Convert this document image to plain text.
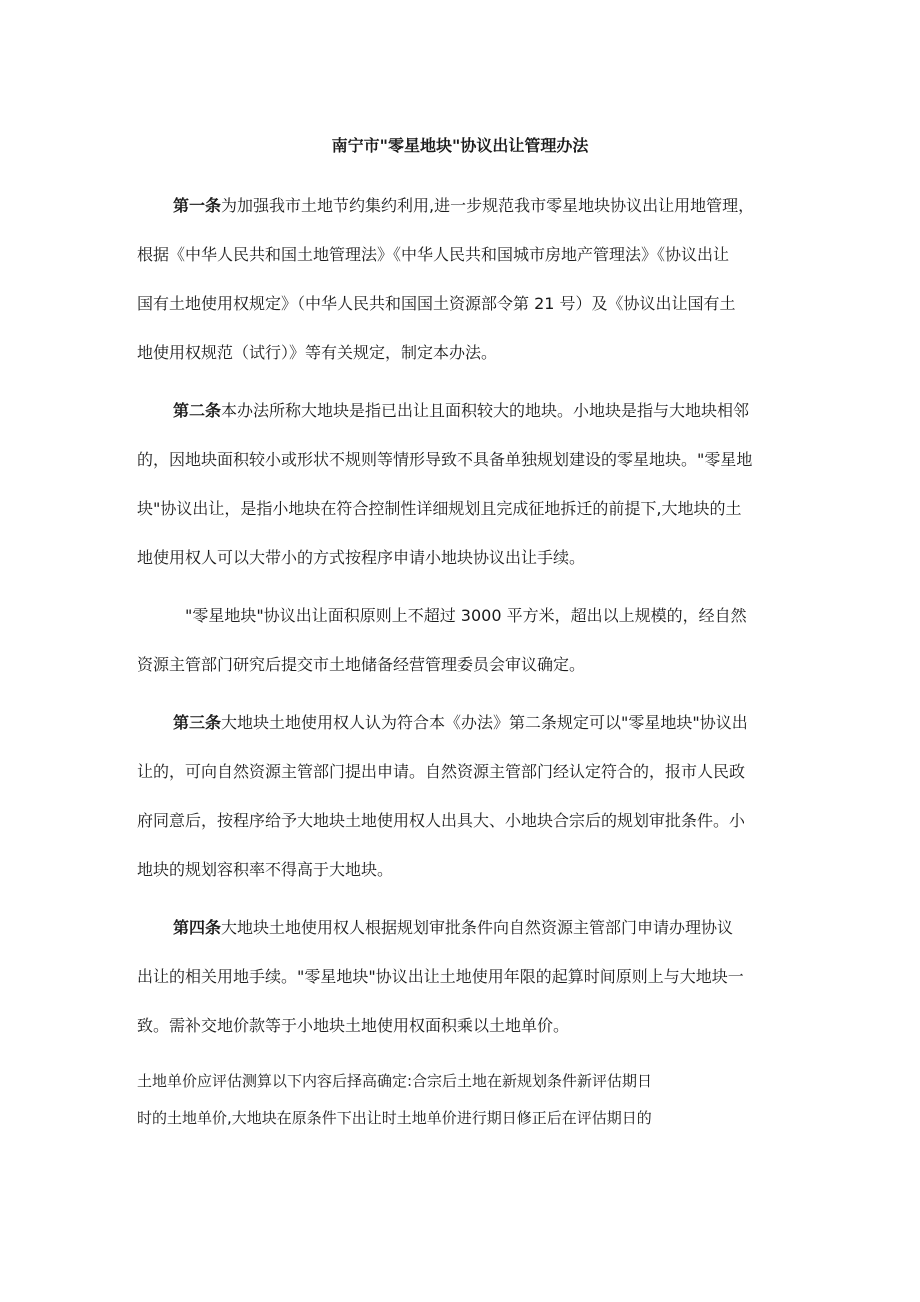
南宁市"零星地块"协议出让管理办法
第一条为加强我市土地节约集约利用,进一步规范我市零星地块协议出让用地管理，
根据《中华人民共和国土地管理法》《中华人民共和国城市房地产管理法》《协议出让
国有土地使用权规定》（中华人民共和国国土资源部令第 21 号）及《协议出让国有土
地使用权规范（试行）》等有关规定，制定本办法。
第二条本办法所称大地块是指已出让且面积较大的地块。小地块是指与大地块相邻
的，因地块面积较小或形状不规则等情形导致不具备单独规划建设的零星地块。"零星地
块"协议出让，是指小地块在符合控制性详细规划且完成征地拆迁的前提下,大地块的土
地使用权人可以大带小的方式按程序申请小地块协议出让手续。
"零星地块"协议出让面积原则上不超过 3000 平方米，超出以上规模的，经自然
资源主管部门研究后提交市土地储备经营管理委员会审议确定。
第三条大地块土地使用权人认为符合本《办法》第二条规定可以"零星地块"协议出
让的，可向自然资源主管部门提出申请。自然资源主管部门经认定符合的，报市人民政
府同意后，按程序给予大地块土地使用权人出具大、小地块合宗后的规划审批条件。小
地块的规划容积率不得高于大地块。
第四条大地块土地使用权人根据规划审批条件向自然资源主管部门申请办理协议
出让的相关用地手续。"零星地块"协议出让土地使用年限的起算时间原则上与大地块一
致。需补交地价款等于小地块土地使用权面积乘以土地单价。
土地单价应评估测算以下内容后择高确定:合宗后土地在新规划条件新评估期日
时的土地单价,大地块在原条件下出让时土地单价进行期日修正后在评估期日的
